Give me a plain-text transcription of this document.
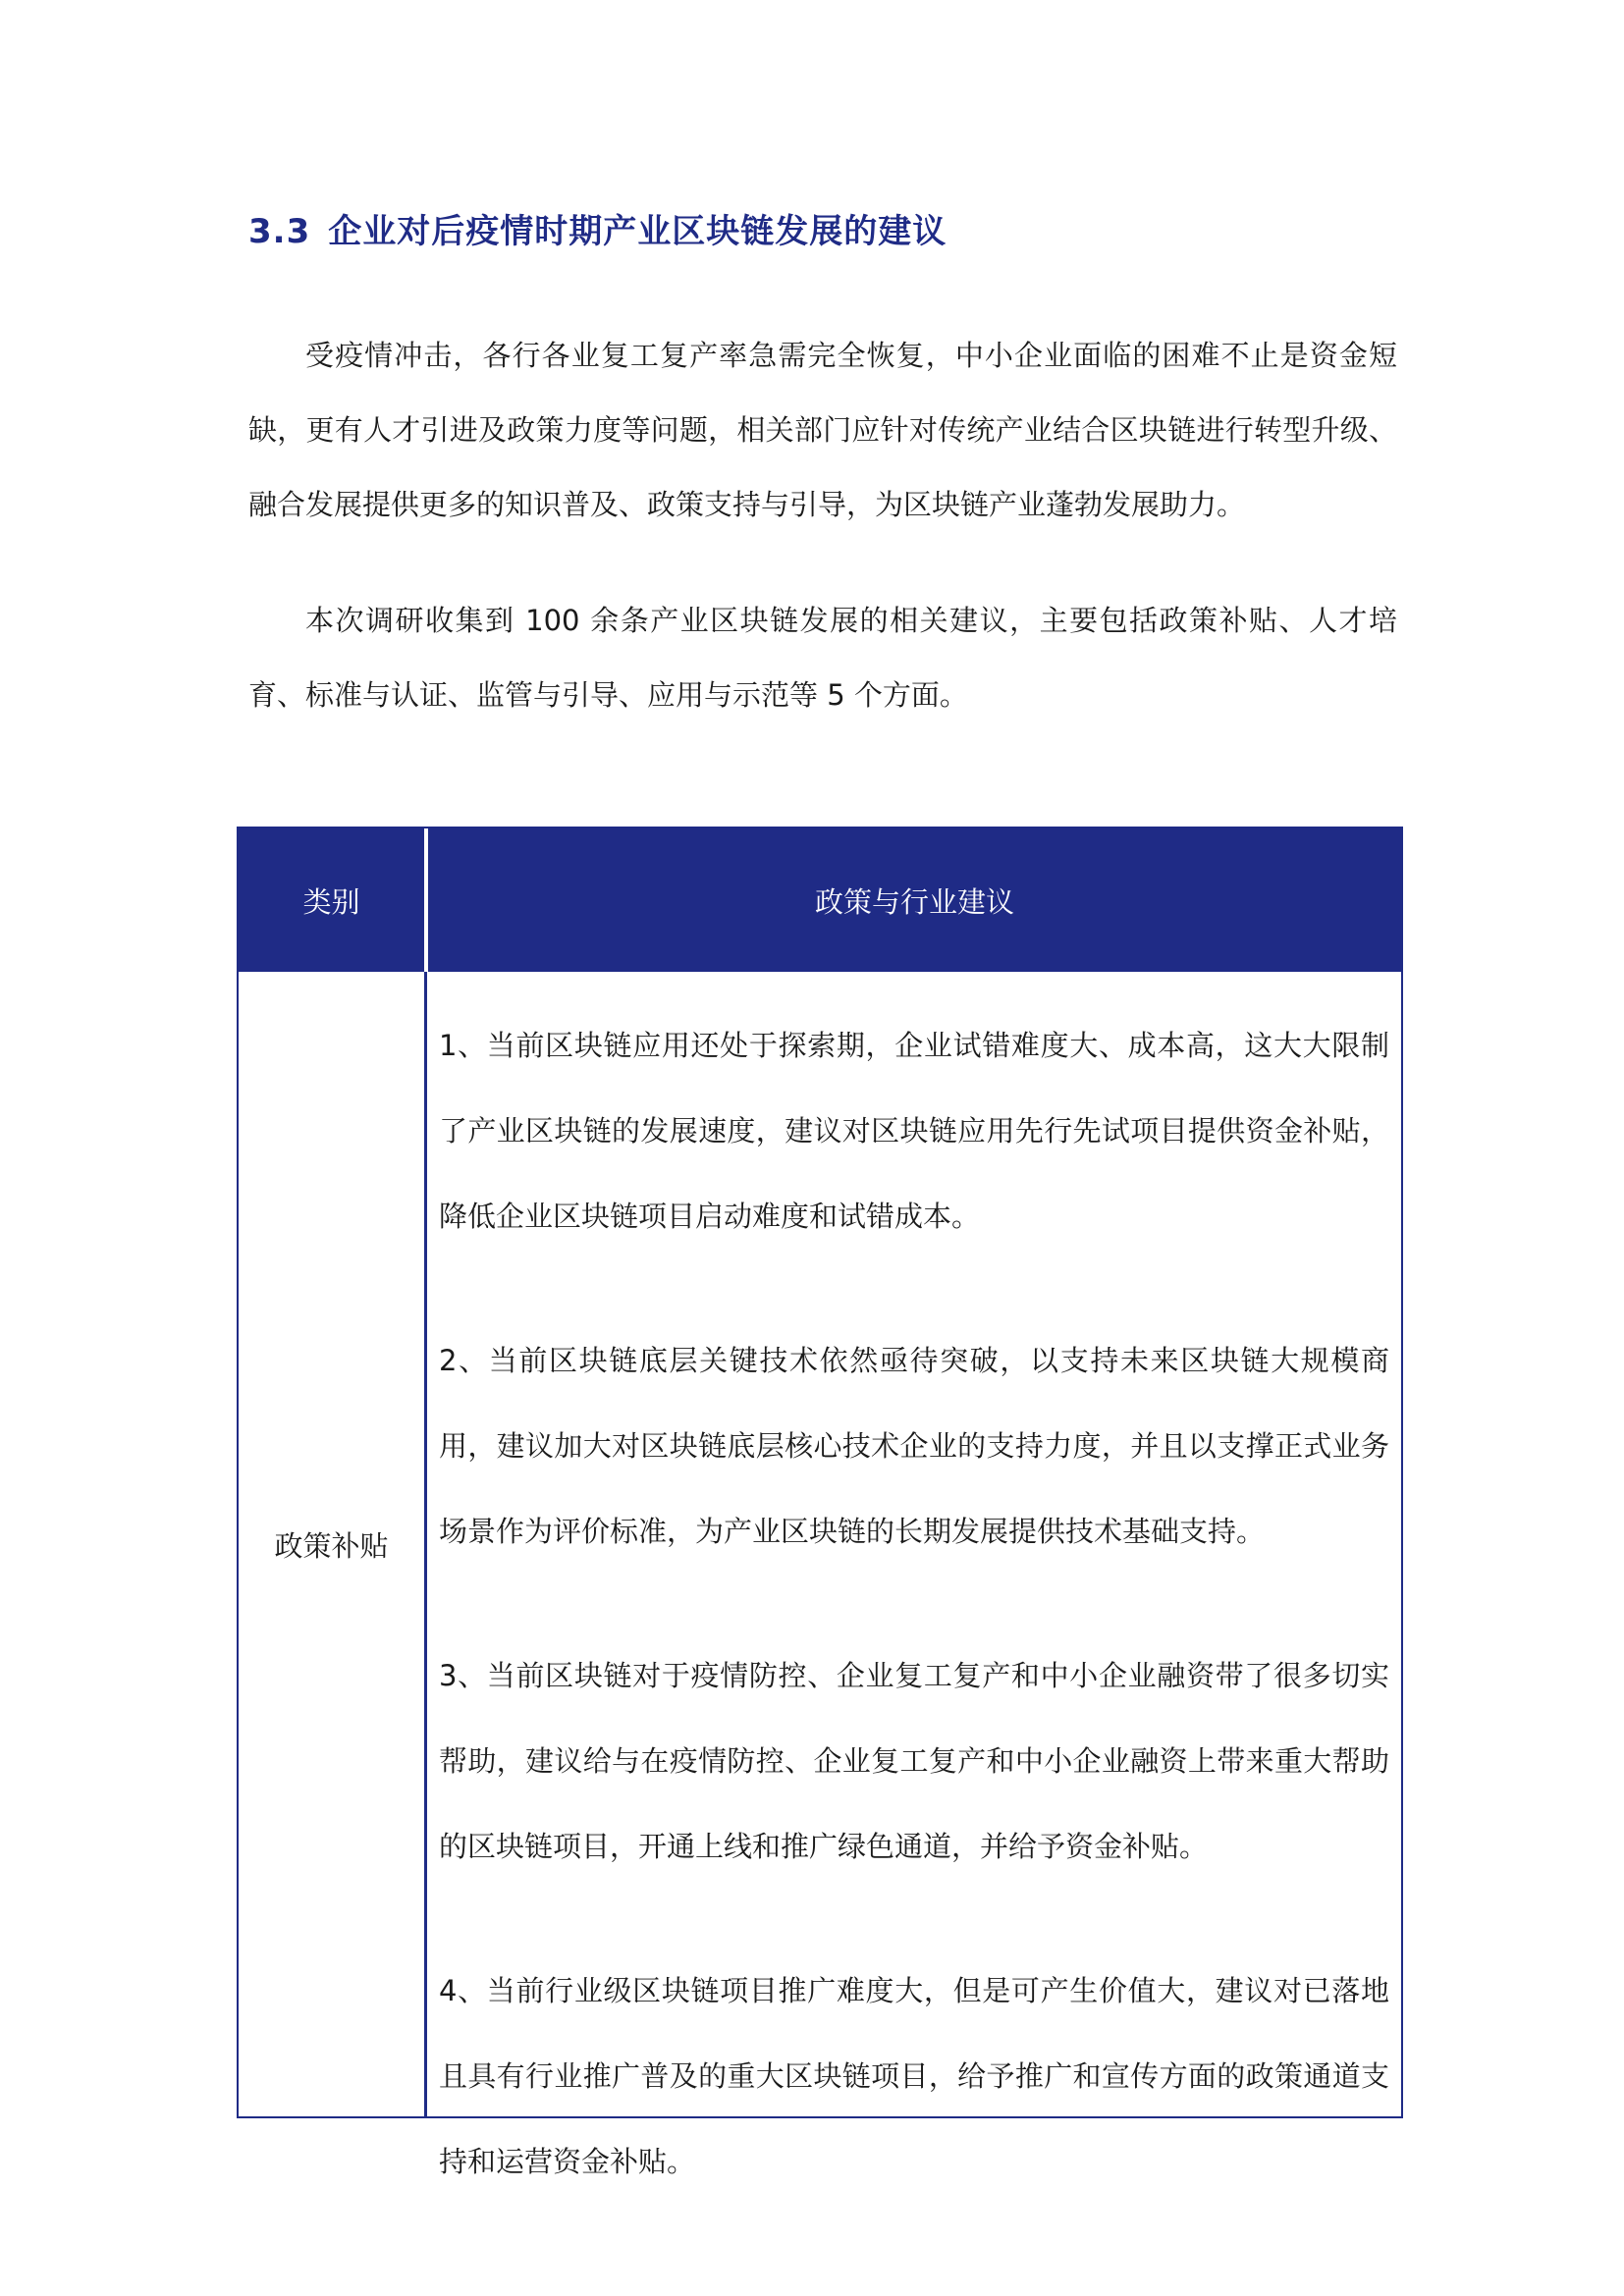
3.3 企业对后疫情时期产业区块链发展的建议

受疫情冲击，各行各业复工复产率急需完全恢复，中小企业面临的困难不止是资金短缺，更有人才引进及政策力度等问题，相关部门应针对传统产业结合区块链进行转型升级、融合发展提供更多的知识普及、政策支持与引导，为区块链产业蓬勃发展助力。

本次调研收集到 100 余条产业区块链发展的相关建议，主要包括政策补贴、人才培育、标准与认证、监管与引导、应用与示范等 5 个方面。

类别	政策与行业建议
政策补贴

1、当前区块链应用还处于探索期，企业试错难度大、成本高，这大大限制了产业区块链的发展速度，建议对区块链应用先行先试项目提供资金补贴，降低企业区块链项目启动难度和试错成本。

2、当前区块链底层关键技术依然亟待突破，以支持未来区块链大规模商用，建议加大对区块链底层核心技术企业的支持力度，并且以支撑正式业务场景作为评价标准，为产业区块链的长期发展提供技术基础支持。

3、当前区块链对于疫情防控、企业复工复产和中小企业融资带了很多切实帮助，建议给与在疫情防控、企业复工复产和中小企业融资上带来重大帮助的区块链项目，开通上线和推广绿色通道，并给予资金补贴。

4、当前行业级区块链项目推广难度大，但是可产生价值大，建议对已落地且具有行业推广普及的重大区块链项目，给予推广和宣传方面的政策通道支持和运营资金补贴。
